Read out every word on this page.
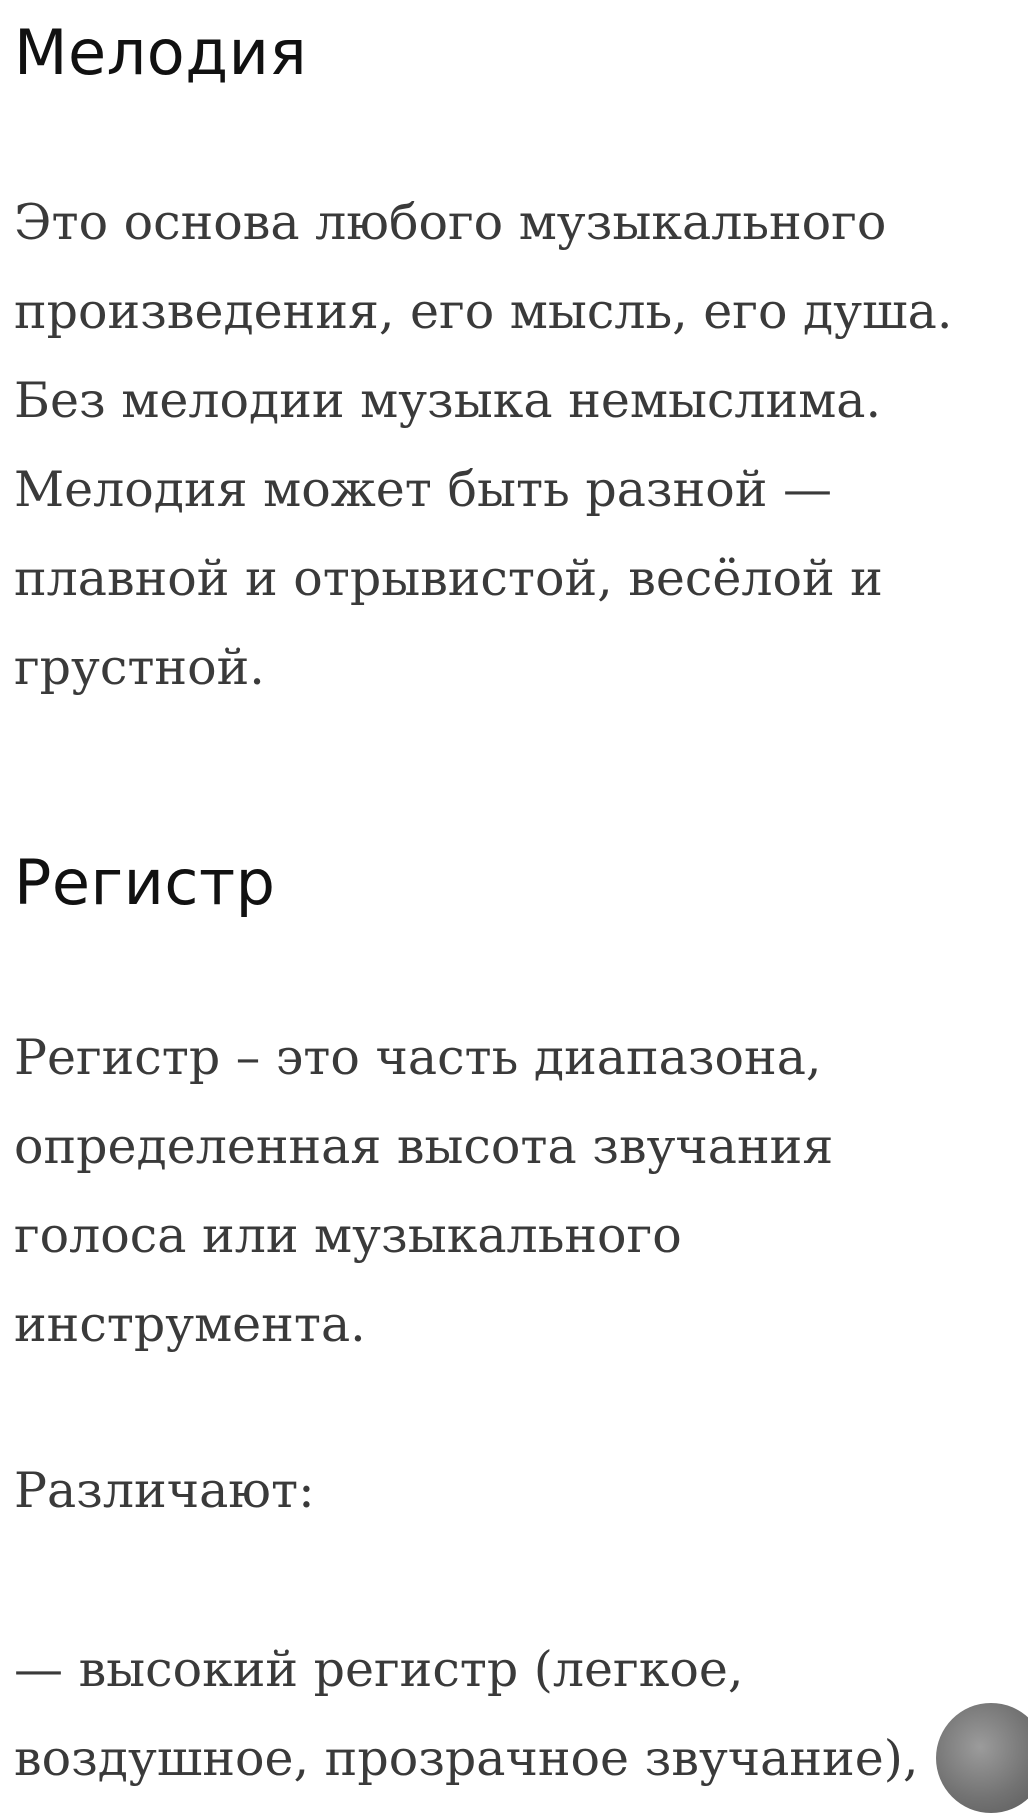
Мелодия

Это основа любого музыкального
произведения, его мысль, его душа.
Без мелодии музыка немыслима.
Мелодия может быть разной —
плавной и отрывистой, весёлой и
грустной.

Регистр

Регистр – это часть диапазона,
определенная высота звучания
голоса или музыкального
инструмента.

Различают:

— высокий регистр (легкое,
воздушное, прозрачное звучание),
